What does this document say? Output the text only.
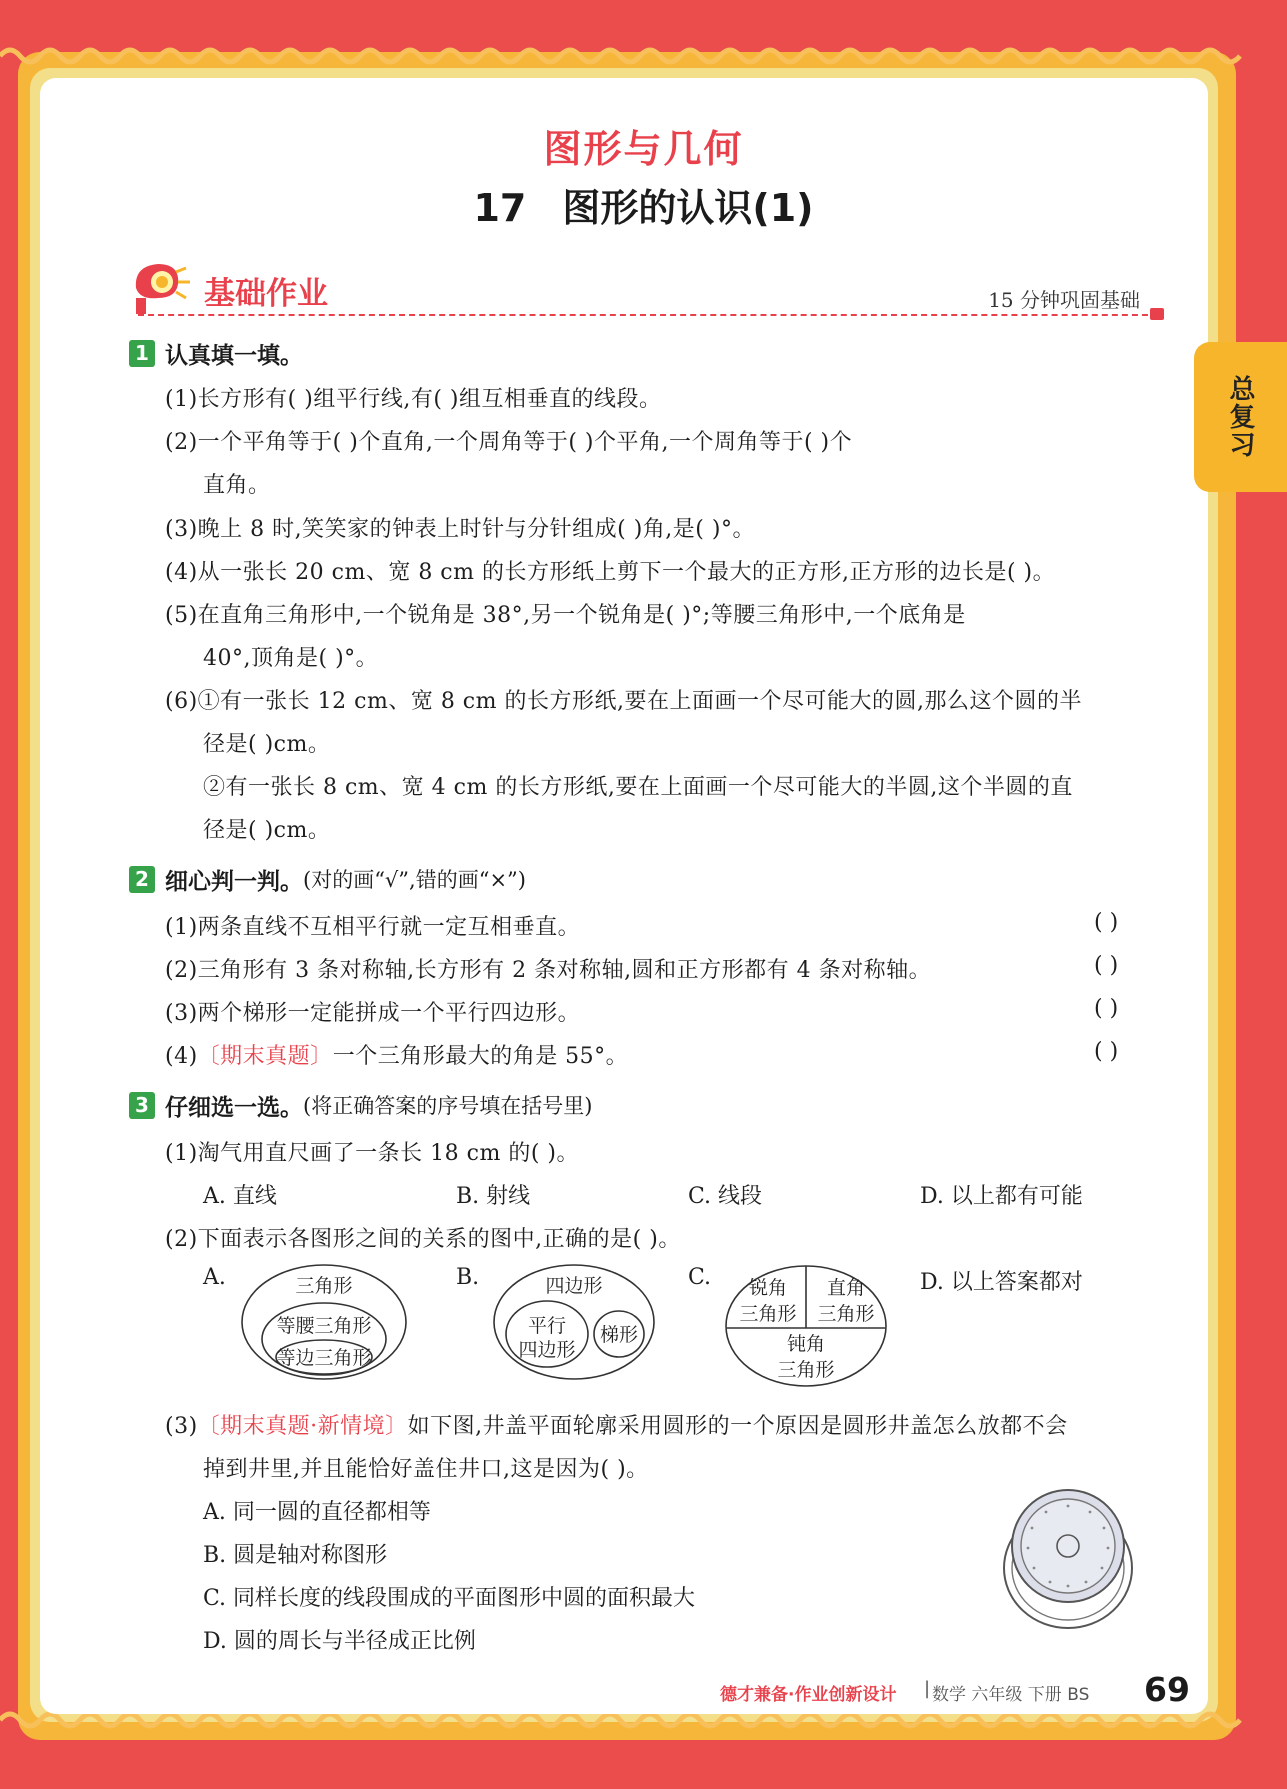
总复习
图形与几何
17 图形的认识(1)
基础作业	15 分钟巩固基础
1 认真填一填。
(1)长方形有( )组平行线,有( )组互相垂直的线段。
(2)一个平角等于( )个直角,一个周角等于( )个平角,一个周角等于( )个
直角。
(3)晚上 8 时,笑笑家的钟表上时针与分针组成( )角,是( )°。
(4)从一张长 20 cm、宽 8 cm 的长方形纸上剪下一个最大的正方形,正方形的边长是( )。
(5)在直角三角形中,一个锐角是 38°,另一个锐角是( )°;等腰三角形中,一个底角是
40°,顶角是( )°。
(6)①有一张长 12 cm、宽 8 cm 的长方形纸,要在上面画一个尽可能大的圆,那么这个圆的半
径是( )cm。
②有一张长 8 cm、宽 4 cm 的长方形纸,要在上面画一个尽可能大的半圆,这个半圆的直
径是( )cm。
2 细心判一判。 (对的画“√”,错的画“×”)
(1)两条直线不互相平行就一定互相垂直。	( )
(2)三角形有 3 条对称轴,长方形有 2 条对称轴,圆和正方形都有 4 条对称轴。	( )
(3)两个梯形一定能拼成一个平行四边形。	( )
(4)〔期末真题〕一个三角形最大的角是 55°。	( )
3 仔细选一选。 (将正确答案的序号填在括号里)
(1)淘气用直尺画了一条长 18 cm 的( )。
A. 直线	B. 射线	C. 线段	D. 以上都有可能
(2)下面表示各图形之间的关系的图中,正确的是( )。
A.	三角形
等腰三角形
等边三角形
B.	四边形
平行
四边形
梯形
C. 锐角
三角形
直角
三角形
钝角
三角形
D. 以上答案都对
(3)〔期末真题·新情境〕如下图,井盖平面轮廓采用圆形的一个原因是圆形井盖怎么放都不会
掉到井里,并且能恰好盖住井口,这是因为( )。
A. 同一圆的直径都相等
B. 圆是轴对称图形
C. 同样长度的线段围成的平面图形中圆的面积最大
D. 圆的周长与半径成正比例
德才兼备·作业创新设计 | 数学 六年级 下册 BS 69
